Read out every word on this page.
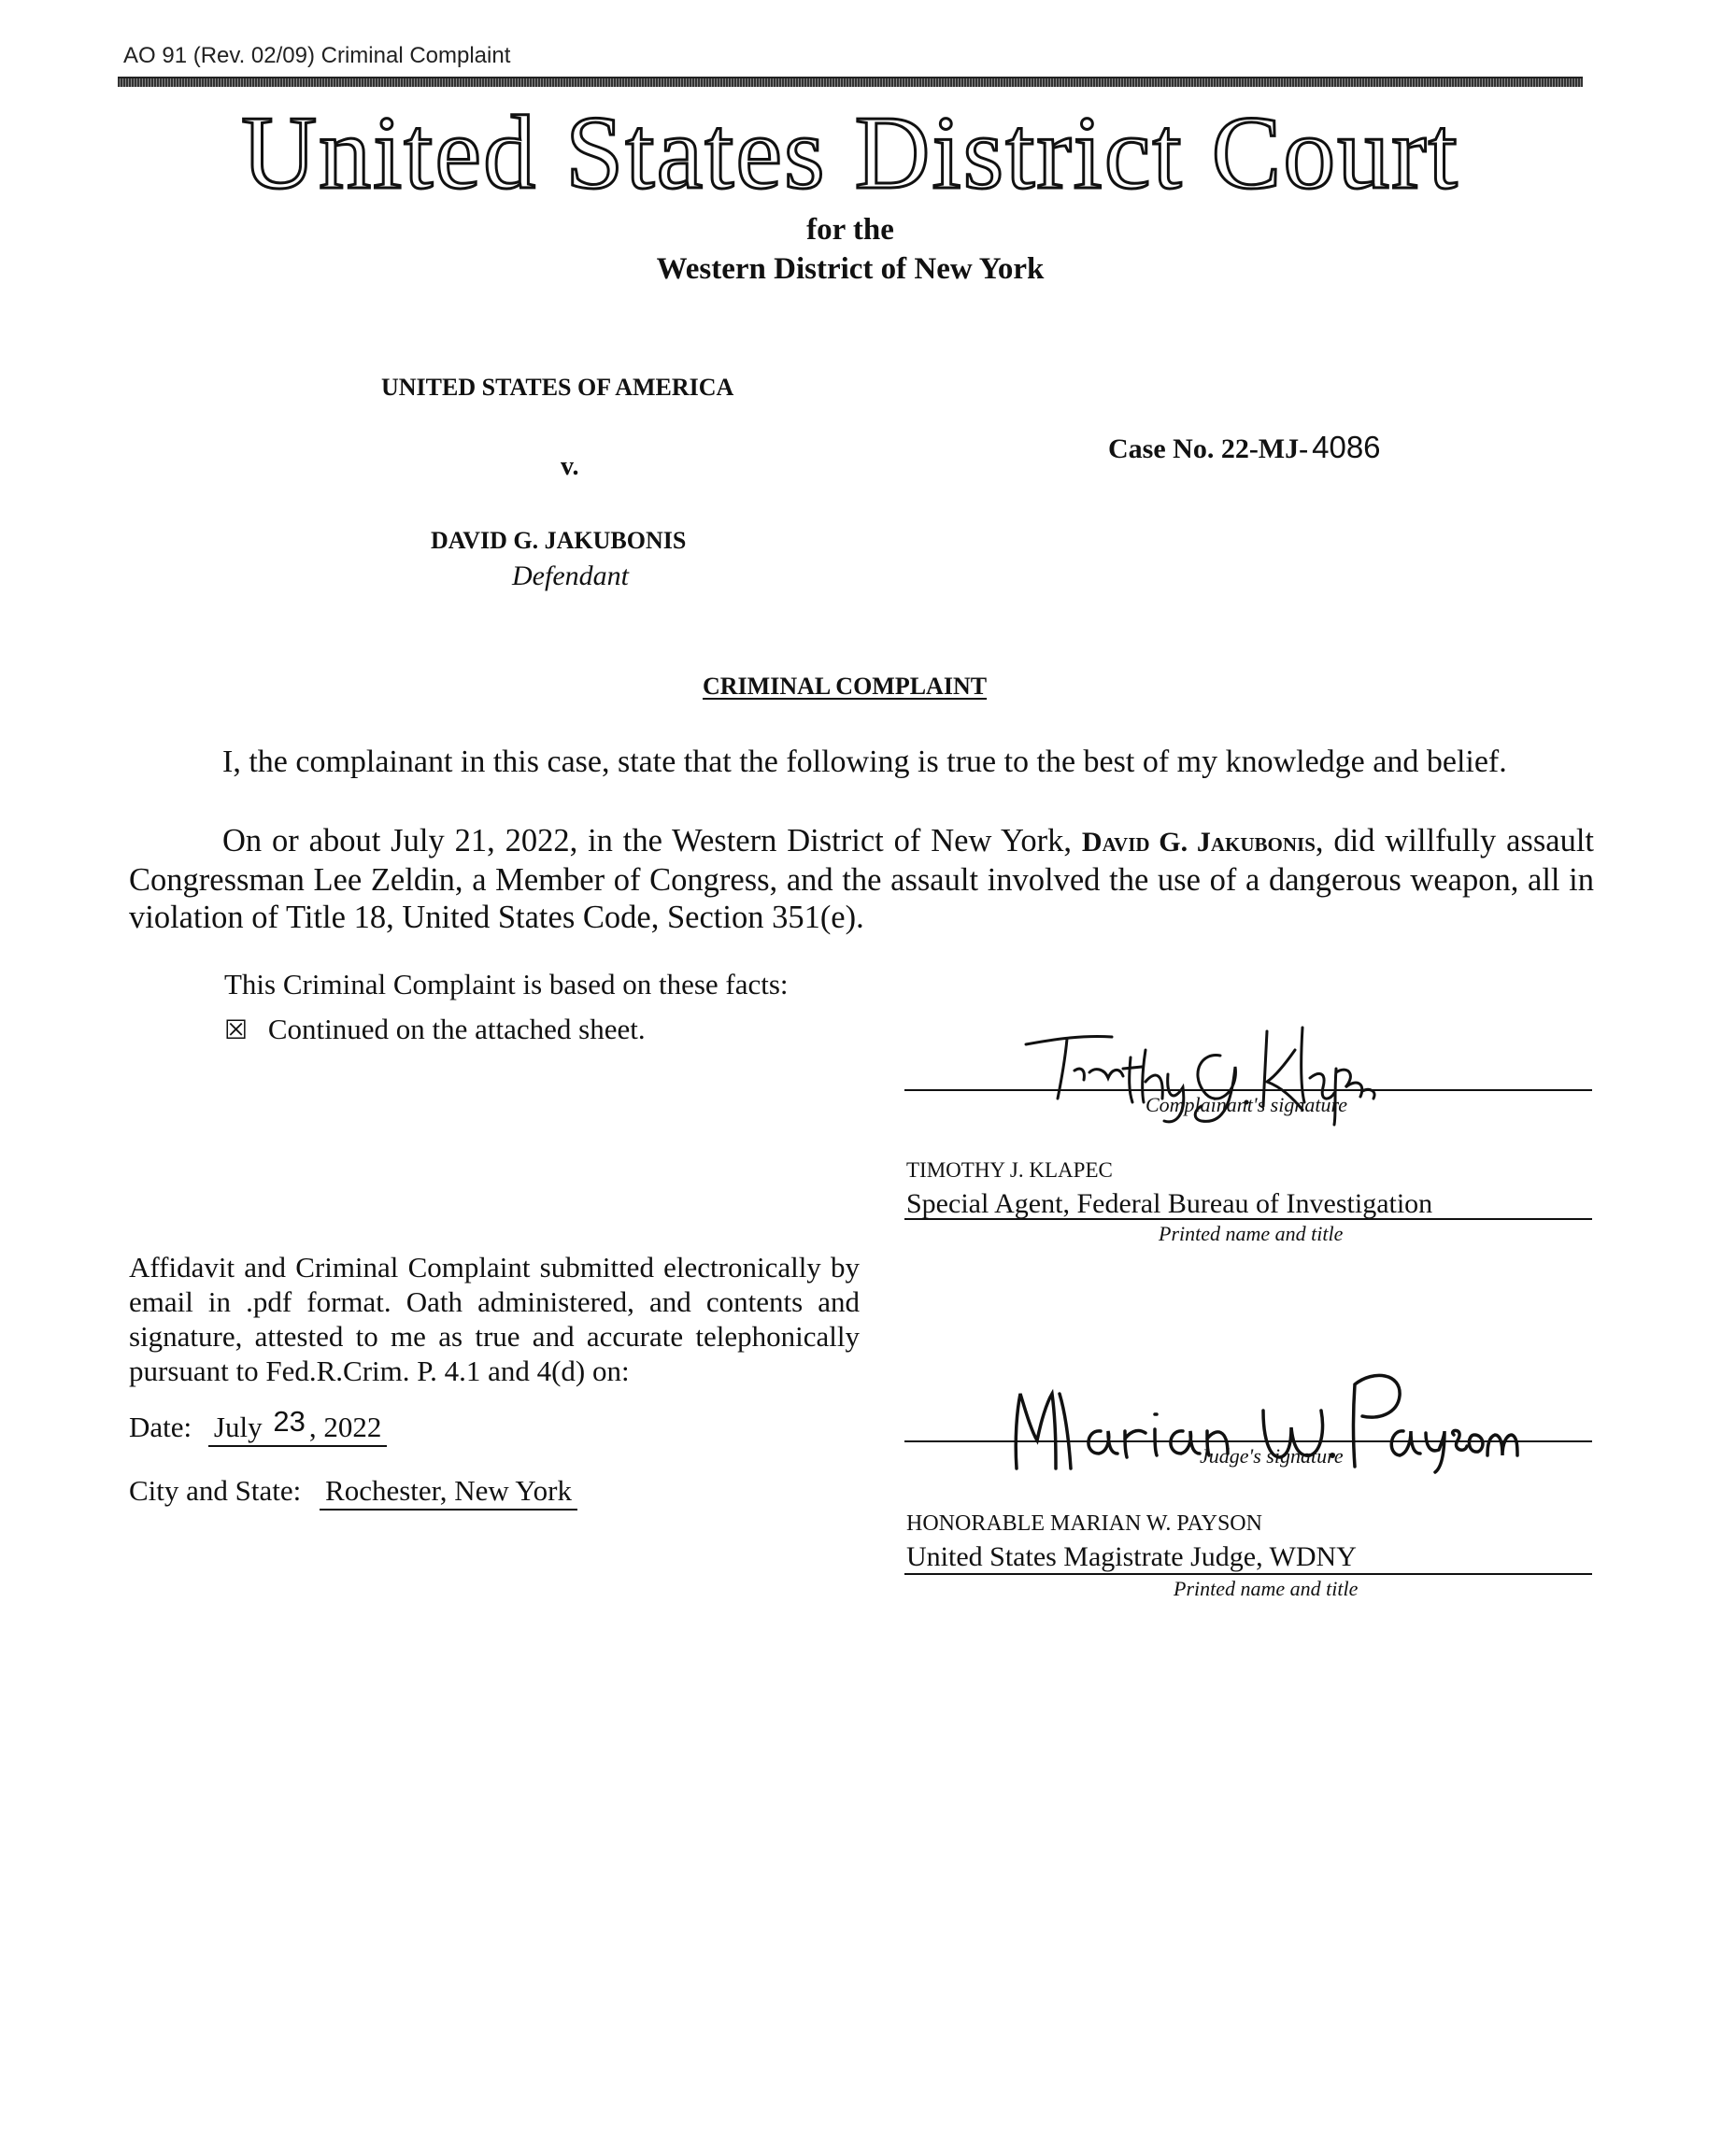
AO 91 (Rev. 02/09) Criminal Complaint
United States District Court
for the
Western District of New York
UNITED STATES OF AMERICA
v.
Case No. 22-MJ- 4086
DAVID G. JAKUBONIS
Defendant
CRIMINAL COMPLAINT
I, the complainant in this case, state that the following is true to the best of my knowledge and belief.
On or about July 21, 2022, in the Western District of New York, David G. Jakubonis, did willfully assault Congressman Lee Zeldin, a Member of Congress, and the assault involved the use of a dangerous weapon, all in violation of Title 18, United States Code, Section 351(e).
This Criminal Complaint is based on these facts:
☒ Continued on the attached sheet.
Complainant's signature
TIMOTHY J. KLAPEC
Special Agent, Federal Bureau of Investigation
Printed name and title
Affidavit and Criminal Complaint submitted electronically by email in .pdf format. Oath administered, and contents and signature, attested to me as true and accurate telephonically pursuant to Fed.R.Crim. P. 4.1 and 4(d) on:
Date: July 23 , 2022
City and State: Rochester, New York
Judge's signature
HONORABLE MARIAN W. PAYSON
United States Magistrate Judge, WDNY
Printed name and title
